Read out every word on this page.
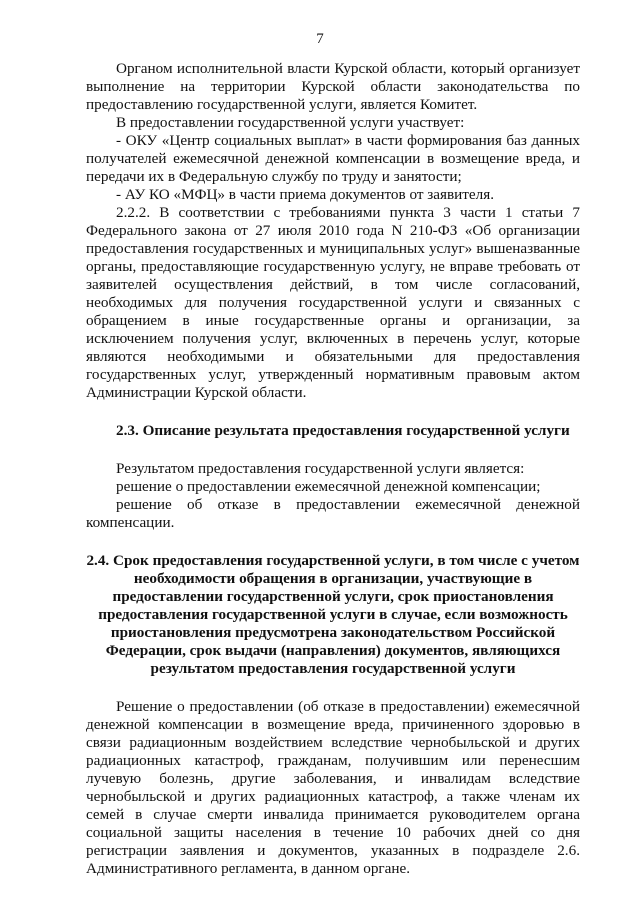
7

Органом исполнительной власти Курской области, который организует выполнение на территории Курской области законодательства по предоставлению государственной услуги, является Комитет.

В предоставлении государственной услуги участвует:

- ОКУ «Центр социальных выплат» в части формирования баз данных получателей ежемесячной денежной компенсации в возмещение вреда, и передачи их в Федеральную службу по труду и занятости;

- АУ КО «МФЦ» в части приема документов от заявителя.

2.2.2. В соответствии с требованиями пункта 3 части 1 статьи 7 Федерального закона от 27 июля 2010 года N 210-ФЗ «Об организации предоставления государственных и муниципальных услуг» вышеназванные органы, предоставляющие государственную услугу, не вправе требовать от заявителей осуществления действий, в том числе согласований, необходимых для получения государственной услуги и связанных с обращением в иные государственные органы и организации, за исключением получения услуг, включенных в перечень услуг, которые являются необходимыми и обязательными для предоставления государственных услуг, утвержденный нормативным правовым актом Администрации Курской области.

2.3. Описание результата предоставления государственной услуги

Результатом предоставления государственной услуги является:

решение о предоставлении ежемесячной денежной компенсации;

решение об отказе в предоставлении ежемесячной денежной компенсации.

2.4. Срок предоставления государственной услуги, в том числе с учетом необходимости обращения в организации, участвующие в предоставлении государственной услуги, срок приостановления предоставления государственной услуги в случае, если возможность приостановления предусмотрена законодательством Российской Федерации, срок выдачи (направления) документов, являющихся результатом предоставления государственной услуги

Решение о предоставлении (об отказе в предоставлении) ежемесячной денежной компенсации в возмещение вреда, причиненного здоровью в связи радиационным воздействием вследствие чернобыльской и других радиационных катастроф, гражданам, получившим или перенесшим лучевую болезнь, другие заболевания, и инвалидам вследствие чернобыльской и других радиационных катастроф, а также членам их семей в случае смерти инвалида принимается руководителем органа социальной защиты населения в течение 10 рабочих дней со дня регистрации заявления и документов, указанных в подразделе 2.6. Административного регламента, в данном органе.
